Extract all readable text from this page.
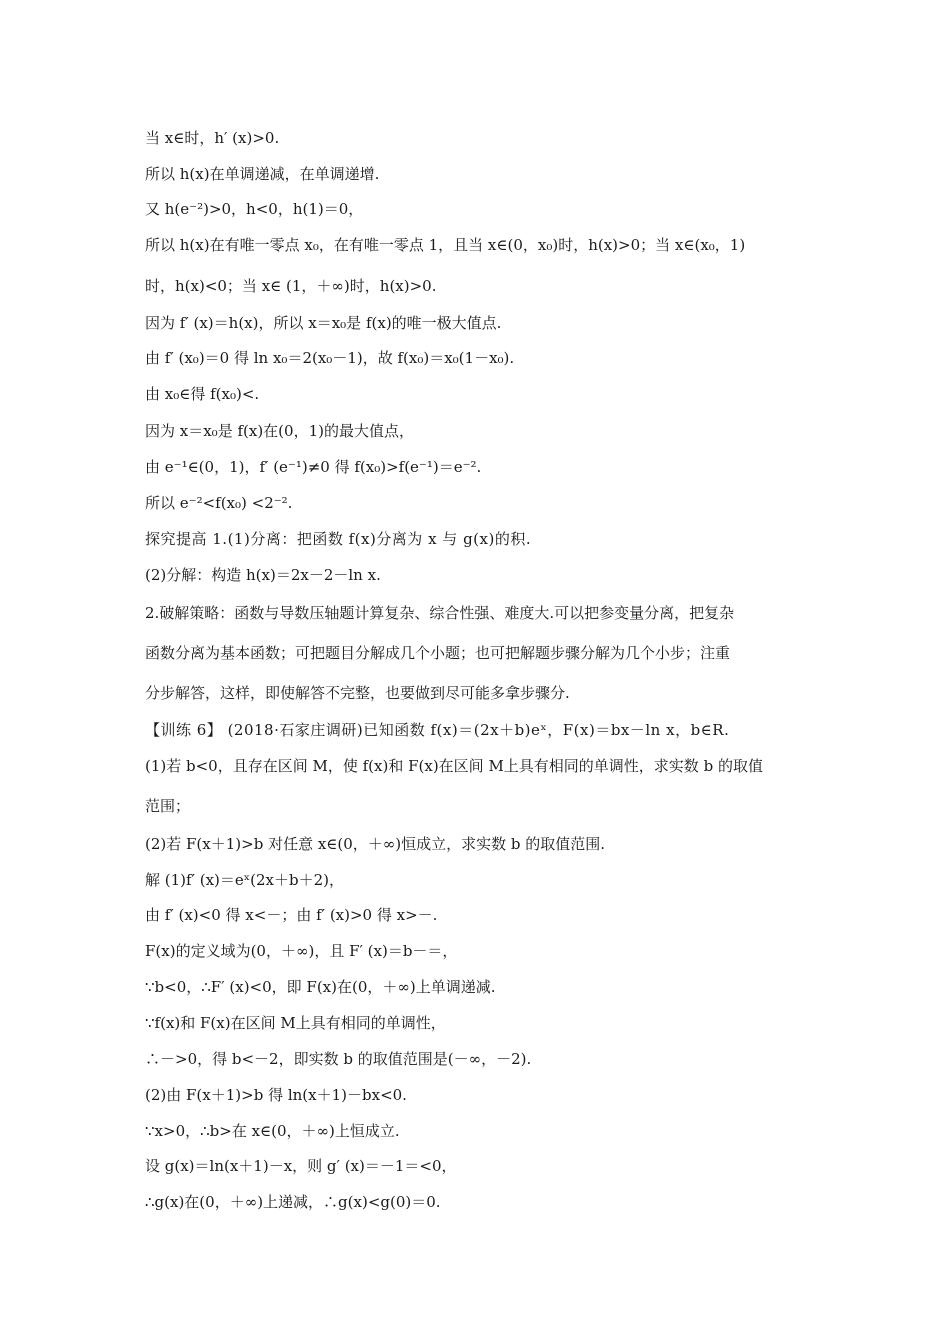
当 x∈时，h′ (x)>0.
所以 h(x)在单调递减，在单调递增.
又 h(e⁻²)>0，h<0，h(1)＝0，
所以 h(x)在有唯一零点 x₀，在有唯一零点 1，且当 x∈(0，x₀)时，h(x)>0；当 x∈(x₀，1)
时，h(x)<0；当 x∈ (1，＋∞)时，h(x)>0.
因为 f′ (x)＝h(x)，所以 x＝x₀是 f(x)的唯一极大值点.
由 f′ (x₀)＝0 得 ln x₀＝2(x₀－1)，故 f(x₀)＝x₀(1－x₀).
由 x₀∈得 f(x₀)<.
因为 x＝x₀是 f(x)在(0，1)的最大值点，
由 e⁻¹∈(0，1)，f′ (e⁻¹)≠0 得 f(x₀)>f(e⁻¹)＝e⁻².
所以 e⁻²<f(x₀) <2⁻².
探究提高 1.(1)分离：把函数 f(x)分离为 x 与 g(x)的积.
(2)分解：构造 h(x)＝2x－2－ln x.
2.破解策略：函数与导数压轴题计算复杂、综合性强、难度大.可以把参变量分离，把复杂
函数分离为基本函数；可把题目分解成几个小题；也可把解题步骤分解为几个小步；注重
分步解答，这样，即使解答不完整，也要做到尽可能多拿步骤分.
【训练 6】 (2018·石家庄调研)已知函数 f(x)＝(2x＋b)eˣ，F(x)＝bx－ln x，b∈R.
(1)若 b<0，且存在区间 M，使 f(x)和 F(x)在区间 M上具有相同的单调性，求实数 b 的取值
范围；
(2)若 F(x＋1)>b 对任意 x∈(0，＋∞)恒成立，求实数 b 的取值范围.
解 (1)f′ (x)＝eˣ(2x＋b＋2)，
由 f′ (x)<0 得 x<－；由 f′ (x)>0 得 x>－.
F(x)的定义域为(0，＋∞)，且 F′ (x)＝b－＝，
∵b<0，∴F′ (x)<0，即 F(x)在(0，＋∞)上单调递减.
∵f(x)和 F(x)在区间 M上具有相同的单调性，
∴－>0，得 b<－2，即实数 b 的取值范围是(－∞，－2).
(2)由 F(x＋1)>b 得 ln(x＋1)－bx<0.
∵x>0，∴b>在 x∈(0，＋∞)上恒成立.
设 g(x)＝ln(x＋1)－x，则 g′ (x)＝－1＝<0，
∴g(x)在(0，＋∞)上递减，∴g(x)<g(0)＝0.
